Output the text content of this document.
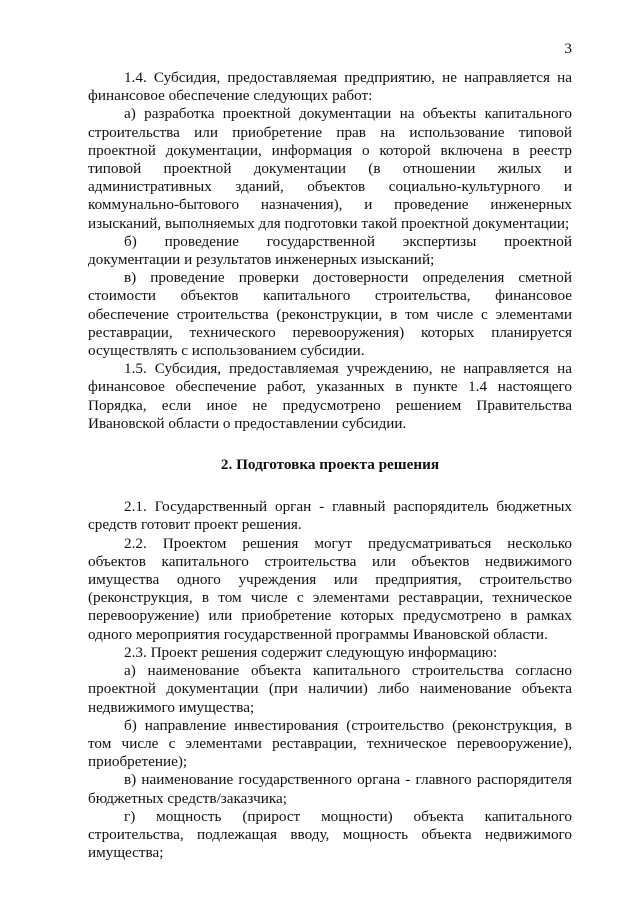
3

1.4. Субсидия, предоставляемая предприятию, не направляется на финансовое обеспечение следующих работ:

а) разработка проектной документации на объекты капитального строительства или приобретение прав на использование типовой проектной документации, информация о которой включена в реестр типовой проектной документации (в отношении жилых и административных зданий, объектов социально-культурного и коммунально-бытового назначения), и проведение инженерных изысканий, выполняемых для подготовки такой проектной документации;

б) проведение государственной экспертизы проектной документации и результатов инженерных изысканий;

в) проведение проверки достоверности определения сметной стоимости объектов капитального строительства, финансовое обеспечение строительства (реконструкции, в том числе с элементами реставрации, технического перевооружения) которых планируется осуществлять с использованием субсидии.

1.5. Субсидия, предоставляемая учреждению, не направляется на финансовое обеспечение работ, указанных в пункте 1.4 настоящего Порядка, если иное не предусмотрено решением Правительства Ивановской области о предоставлении субсидии.

2. Подготовка проекта решения

2.1. Государственный орган - главный распорядитель бюджетных средств готовит проект решения.

2.2. Проектом решения могут предусматриваться несколько объектов капитального строительства или объектов недвижимого имущества одного учреждения или предприятия, строительство (реконструкция, в том числе с элементами реставрации, техническое перевооружение) или приобретение которых предусмотрено в рамках одного мероприятия государственной программы Ивановской области.

2.3. Проект решения содержит следующую информацию:

а) наименование объекта капитального строительства согласно проектной документации (при наличии) либо наименование объекта недвижимого имущества;

б) направление инвестирования (строительство (реконструкция, в том числе с элементами реставрации, техническое перевооружение), приобретение);

в) наименование государственного органа - главного распорядителя бюджетных средств/заказчика;

г) мощность (прирост мощности) объекта капитального строительства, подлежащая вводу, мощность объекта недвижимого имущества;
